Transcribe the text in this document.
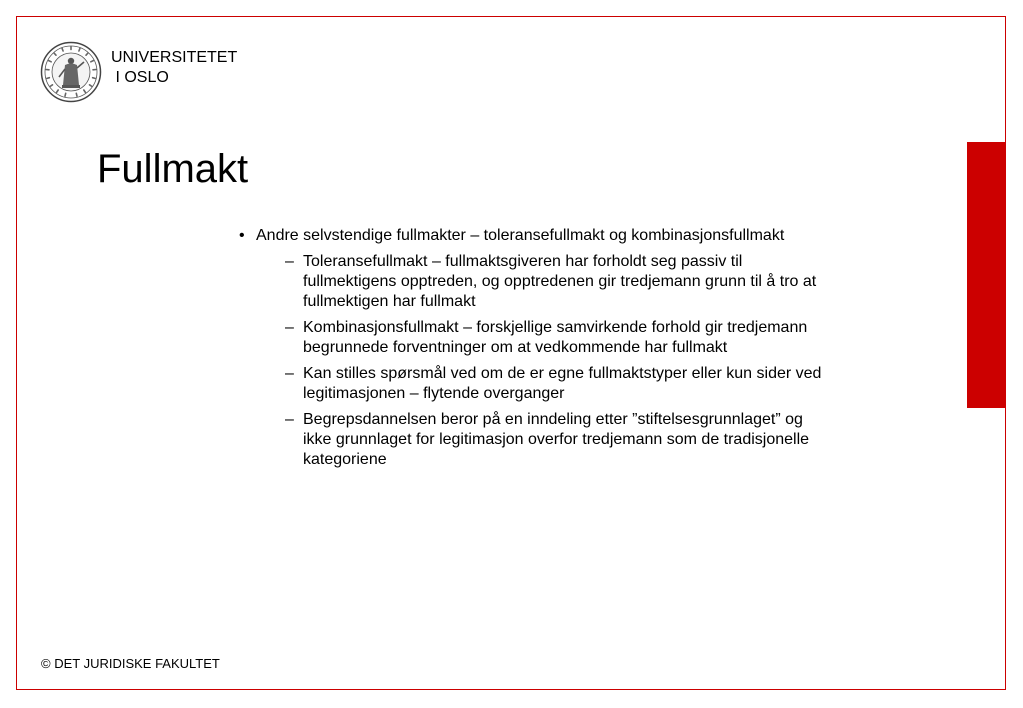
UNIVERSITETET
I OSLO
Fullmakt
• Andre selvstendige fullmakter – toleransefullmakt og kombinasjonsfullmakt
– Toleransefullmakt – fullmaktsgiveren har forholdt seg passiv til fullmektigens opptreden, og opptredenen gir tredjemann grunn til å tro at fullmektigen har fullmakt
– Kombinasjonsfullmakt – forskjellige samvirkende forhold gir tredjemann begrunnede forventninger om at vedkommende har fullmakt
– Kan stilles spørsmål ved om de er egne fullmaktstyper eller kun sider ved legitimasjonen – flytende overganger
– Begrepsdannelsen beror på en inndeling etter ”stiftelsesgrunnlaget” og ikke grunnlaget for legitimasjon overfor tredjemann som de tradisjonelle kategoriene
© DET JURIDISKE FAKULTET
